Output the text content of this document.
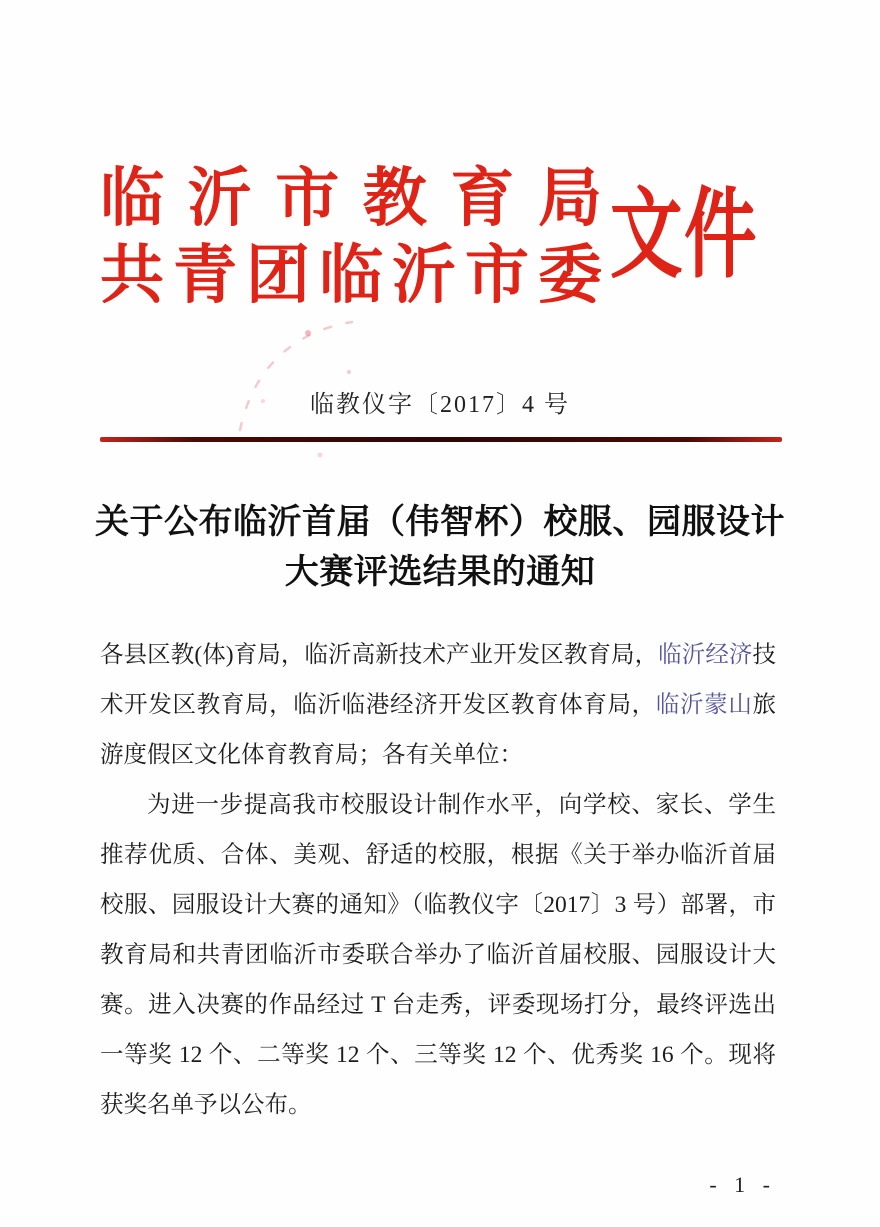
临 沂 市 教 育 局
共 青 团 临 沂 市 委 文件
临教仪字〔2017〕4 号
关于公布临沂首届（伟智杯）校服、园服设计
大赛评选结果的通知

各县区教(体)育局，临沂高新技术产业开发区教育局，临沂经济技术开发区教育局，临沂临港经济开发区教育体育局，临沂蒙山旅游度假区文化体育教育局；各有关单位：

为进一步提高我市校服设计制作水平，向学校、家长、学生推荐优质、合体、美观、舒适的校服，根据《关于举办临沂首届校服、园服设计大赛的通知》（临教仪字〔2017〕3 号）部署，市教育局和共青团临沂市委联合举办了临沂首届校服、园服设计大赛。进入决赛的作品经过 T 台走秀，评委现场打分，最终评选出一等奖 12 个、二等奖 12 个、三等奖 12 个、优秀奖 16 个。现将获奖名单予以公布。

- 1 -
